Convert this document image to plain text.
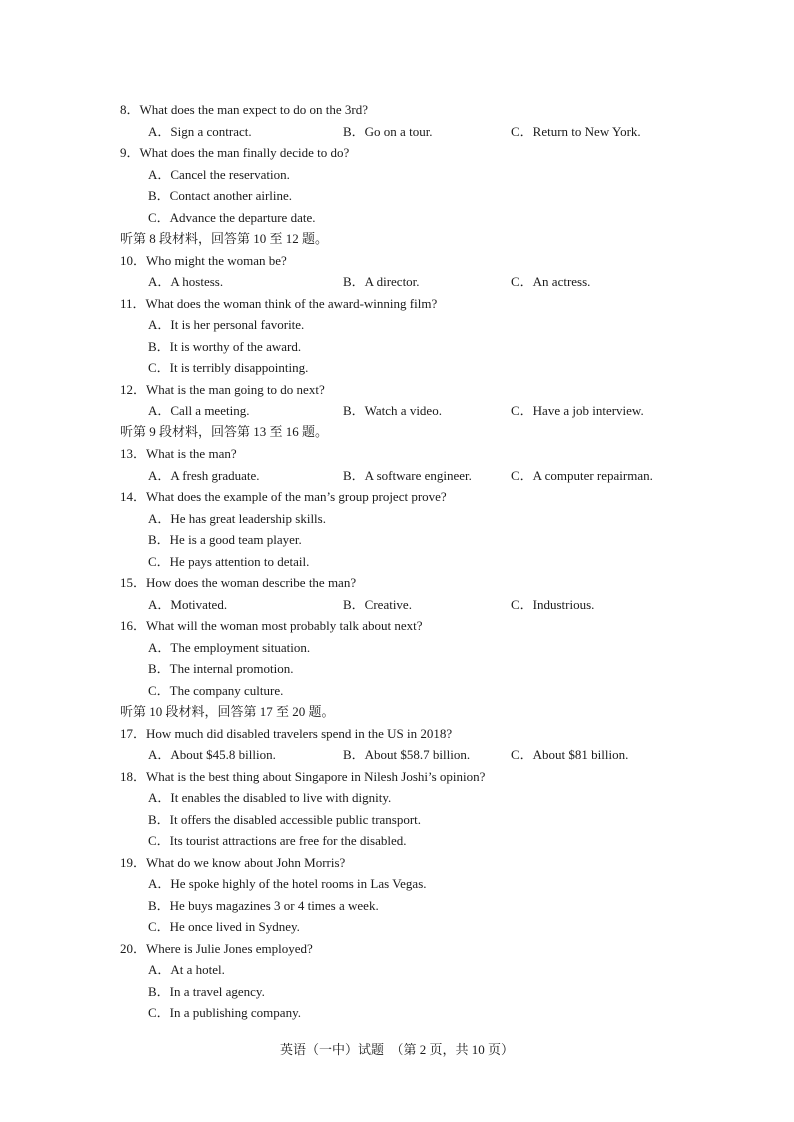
8．What does the man expect to do on the 3rd?
A．Sign a contract.	B．Go on a tour.	C．Return to New York.
9．What does the man finally decide to do?
A．Cancel the reservation.
B．Contact another airline.
C．Advance the departure date.
听第 8 段材料，回答第 10 至 12 题。
10．Who might the woman be?
A．A hostess.	B．A director.	C．An actress.
11．What does the woman think of the award-winning film?
A．It is her personal favorite.
B．It is worthy of the award.
C．It is terribly disappointing.
12．What is the man going to do next?
A．Call a meeting.	B．Watch a video.	C．Have a job interview.
听第 9 段材料，回答第 13 至 16 题。
13．What is the man?
A．A fresh graduate.	B．A software engineer.	C．A computer repairman.
14．What does the example of the man’s group project prove?
A．He has great leadership skills.
B．He is a good team player.
C．He pays attention to detail.
15．How does the woman describe the man?
A．Motivated.	B．Creative.	C．Industrious.
16．What will the woman most probably talk about next?
A．The employment situation.
B．The internal promotion.
C．The company culture.
听第 10 段材料，回答第 17 至 20 题。
17．How much did disabled travelers spend in the US in 2018?
A．About $45.8 billion.	B．About $58.7 billion.	C．About $81 billion.
18．What is the best thing about Singapore in Nilesh Joshi’s opinion?
A．It enables the disabled to live with dignity.
B．It offers the disabled accessible public transport.
C．Its tourist attractions are free for the disabled.
19．What do we know about John Morris?
A．He spoke highly of the hotel rooms in Las Vegas.
B．He buys magazines 3 or 4 times a week.
C．He once lived in Sydney.
20．Where is Julie Jones employed?
A．At a hotel.
B．In a travel agency.
C．In a publishing company.
英语（一中）试题　（第 2 页，共 10 页）
